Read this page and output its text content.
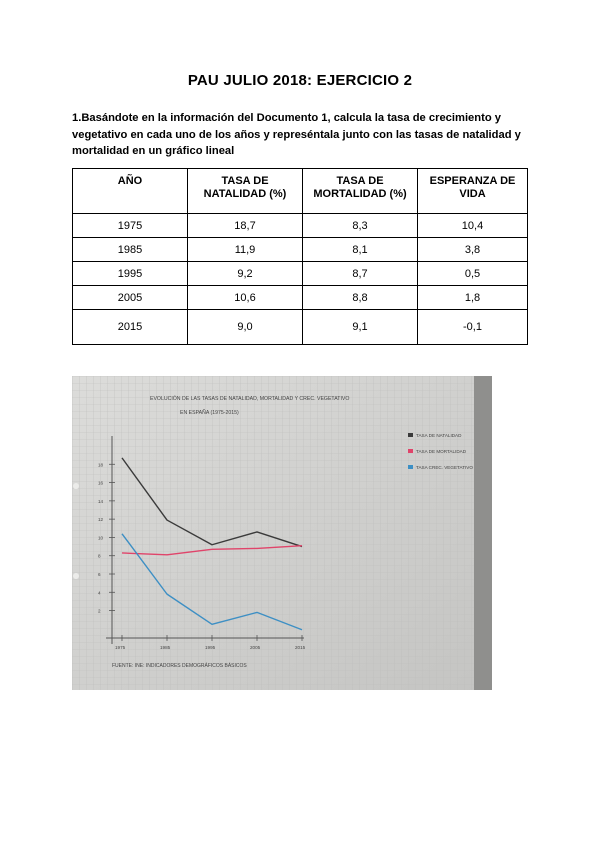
PAU JULIO 2018: EJERCICIO 2
1.Basándote en la información del Documento 1, calcula la tasa de crecimiento y vegetativo en cada uno de los años y represéntala junto con las tasas de natalidad y mortalidad en un gráfico lineal
AÑO	TASA DE NATALIDAD (%)	TASA DE MORTALIDAD (%)	ESPERANZA DE VIDA
1975	18,7	8,3	10,4
1985	11,9	8,1	3,8
1995	9,2	8,7	0,5
2005	10,6	8,8	1,8
2015	9,0	9,1	-0,1
EVOLUCIÓN DE LAS TASAS DE NATALIDAD, MORTALIDAD Y CREC. VEGETATIVO
EN ESPAÑA (1975-2015)
18
16
14
12
10
8
6
4
2
1975	1985	1995	2005	2015
TASA DE NATALIDAD
TASA DE MORTALIDAD
TASA CREC. VEGETATIVO
FUENTE: INE: INDICADORES DEMOGRÁFICOS BÁSICOS
